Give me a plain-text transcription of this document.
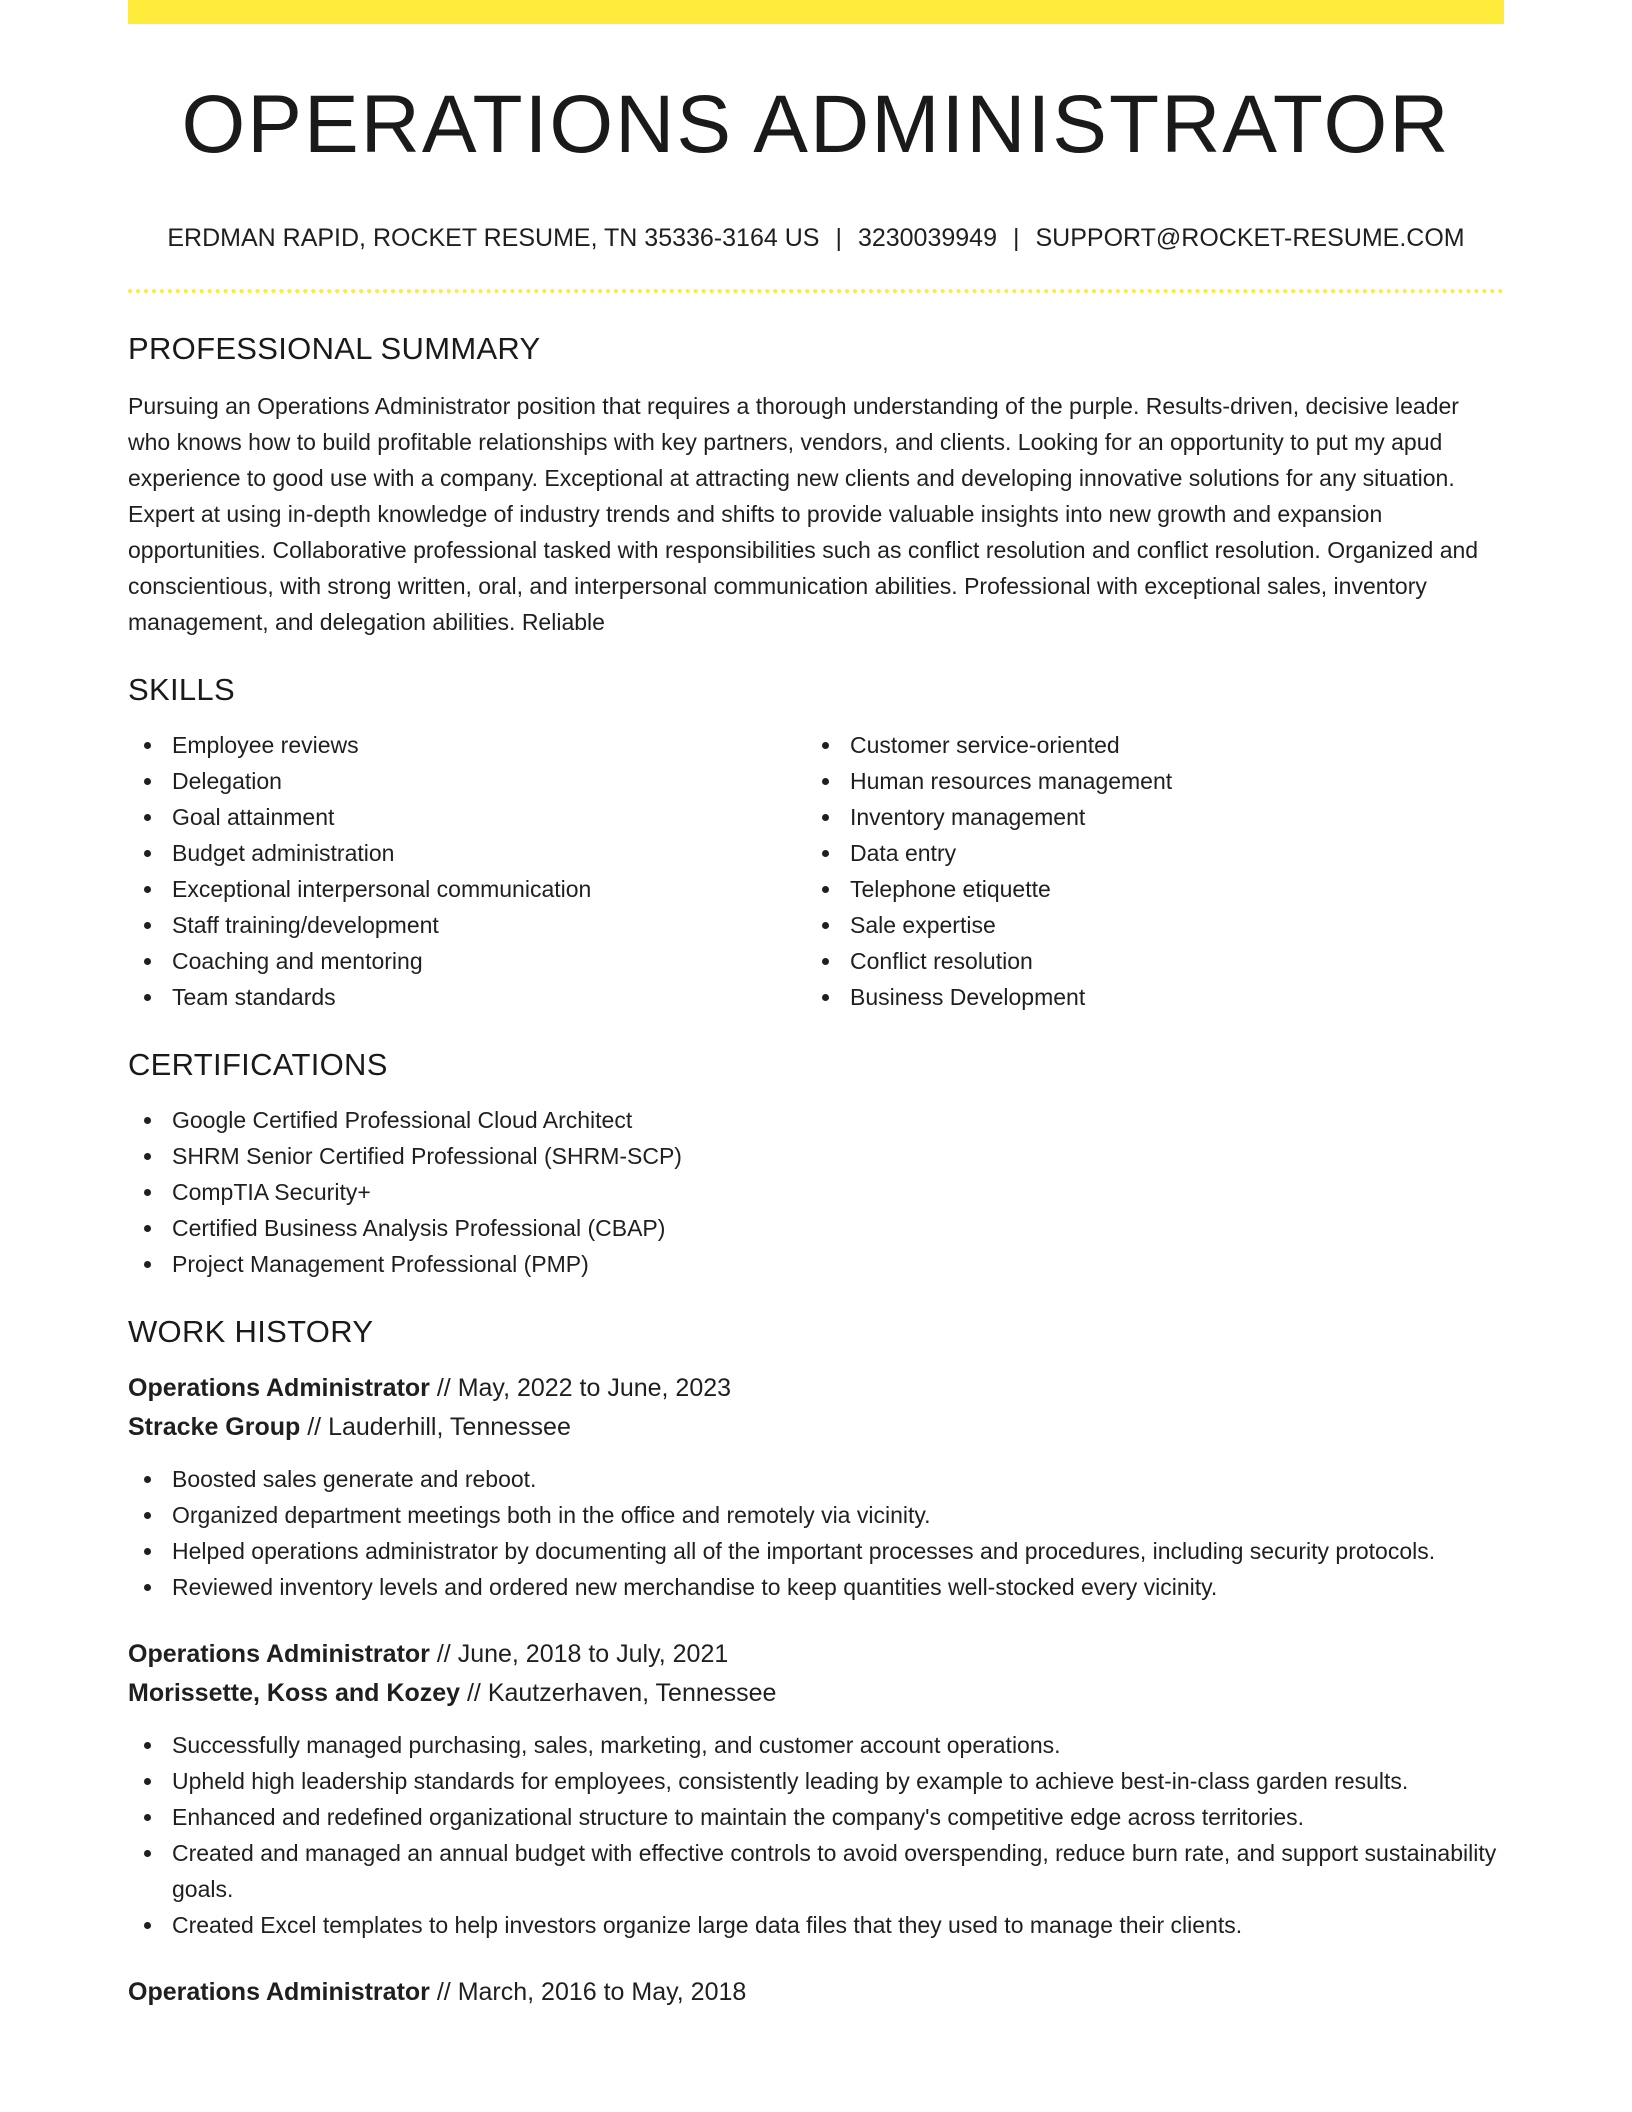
OPERATIONS ADMINISTRATOR
ERDMAN RAPID, ROCKET RESUME, TN 35336-3164 US | 3230039949 | SUPPORT@ROCKET-RESUME.COM
PROFESSIONAL SUMMARY
Pursuing an Operations Administrator position that requires a thorough understanding of the purple. Results-driven, decisive leader who knows how to build profitable relationships with key partners, vendors, and clients. Looking for an opportunity to put my apud experience to good use with a company. Exceptional at attracting new clients and developing innovative solutions for any situation. Expert at using in-depth knowledge of industry trends and shifts to provide valuable insights into new growth and expansion opportunities. Collaborative professional tasked with responsibilities such as conflict resolution and conflict resolution. Organized and conscientious, with strong written, oral, and interpersonal communication abilities. Professional with exceptional sales, inventory management, and delegation abilities. Reliable
SKILLS
Employee reviews
Delegation
Goal attainment
Budget administration
Exceptional interpersonal communication
Staff training/development
Coaching and mentoring
Team standards
Customer service-oriented
Human resources management
Inventory management
Data entry
Telephone etiquette
Sale expertise
Conflict resolution
Business Development
CERTIFICATIONS
Google Certified Professional Cloud Architect
SHRM Senior Certified Professional (SHRM-SCP)
CompTIA Security+
Certified Business Analysis Professional (CBAP)
Project Management Professional (PMP)
WORK HISTORY
Operations Administrator // May, 2022 to June, 2023
Stracke Group // Lauderhill, Tennessee
Boosted sales generate and reboot.
Organized department meetings both in the office and remotely via vicinity.
Helped operations administrator by documenting all of the important processes and procedures, including security protocols.
Reviewed inventory levels and ordered new merchandise to keep quantities well-stocked every vicinity.
Operations Administrator // June, 2018 to July, 2021
Morissette, Koss and Kozey // Kautzerhaven, Tennessee
Successfully managed purchasing, sales, marketing, and customer account operations.
Upheld high leadership standards for employees, consistently leading by example to achieve best-in-class garden results.
Enhanced and redefined organizational structure to maintain the company's competitive edge across territories.
Created and managed an annual budget with effective controls to avoid overspending, reduce burn rate, and support sustainability goals.
Created Excel templates to help investors organize large data files that they used to manage their clients.
Operations Administrator // March, 2016 to May, 2018
